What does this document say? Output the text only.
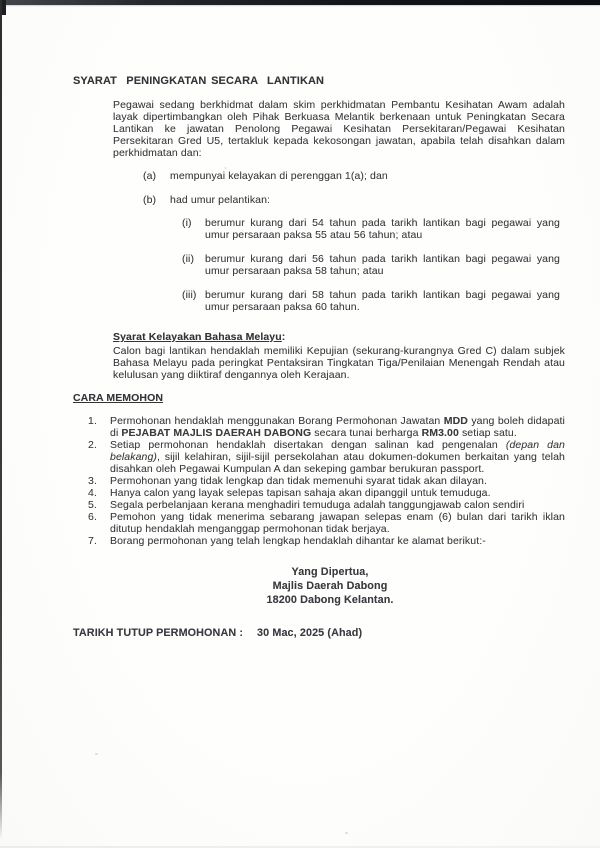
SYARAT  PENINGKATAN SECARA  LANTIKAN

Pegawai sedang berkhidmat dalam skim perkhidmatan Pembantu Kesihatan Awam adalah layak dipertimbangkan oleh Pihak Berkuasa Melantik berkenaan untuk Peningkatan Secara Lantikan ke jawatan Penolong Pegawai Kesihatan Persekitaran/Pegawai Kesihatan Persekitaran Gred U5, tertakluk kepada kekosongan jawatan, apabila telah disahkan dalam perkhidmatan dan:

(a)	mempunyai kelayakan di perenggan 1(a); dan
(b)	had umur pelantikan:
(i)	berumur kurang dari 54 tahun pada tarikh lantikan bagi pegawai yang umur persaraan paksa 55 atau 56 tahun; atau
(ii)	berumur kurang dari 56 tahun pada tarikh lantikan bagi pegawai yang umur persaraan paksa 58 tahun; atau
(iii) berumur kurang dari 58 tahun pada tarikh lantikan bagi pegawai yang umur persaraan paksa 60 tahun.
Syarat Kelayakan Bahasa Melayu:

Calon bagi lantikan hendaklah memiliki Kepujian (sekurang-kurangnya Gred C) dalam subjek Bahasa Melayu pada peringkat Pentaksiran Tingkatan Tiga/Penilaian Menengah Rendah atau kelulusan yang diiktiraf dengannya oleh Kerajaan.

CARA MEMOHON
1.	Permohonan hendaklah menggunakan Borang Permohonan Jawatan MDD yang boleh didapati di PEJABAT MAJLIS DAERAH DABONG secara tunai berharga RM3.00 setiap satu.
2.	Setiap permohonan hendaklah disertakan dengan salinan kad pengenalan (depan dan belakang), sijil kelahiran, sijil-sijil persekolahan atau dokumen-dokumen berkaitan yang telah disahkan oleh Pegawai Kumpulan A dan sekeping gambar berukuran passport.
3.	Permohonan yang tidak lengkap dan tidak memenuhi syarat tidak akan dilayan.
4.	Hanya calon yang layak selepas tapisan sahaja akan dipanggil untuk temuduga.
5.	Segala perbelanjaan kerana menghadiri temuduga adalah tanggungjawab calon sendiri
6.	Pemohon yang tidak menerima sebarang jawapan selepas enam (6) bulan dari tarikh iklan ditutup hendaklah menganggap permohonan tidak berjaya.
7.	Borang permohonan yang telah lengkap hendaklah dihantar ke alamat berikut:-
Yang Dipertua,
Majlis Daerah Dabong
18200 Dabong Kelantan.
TARIKH TUTUP PERMOHONAN : 30 Mac, 2025 (Ahad)
